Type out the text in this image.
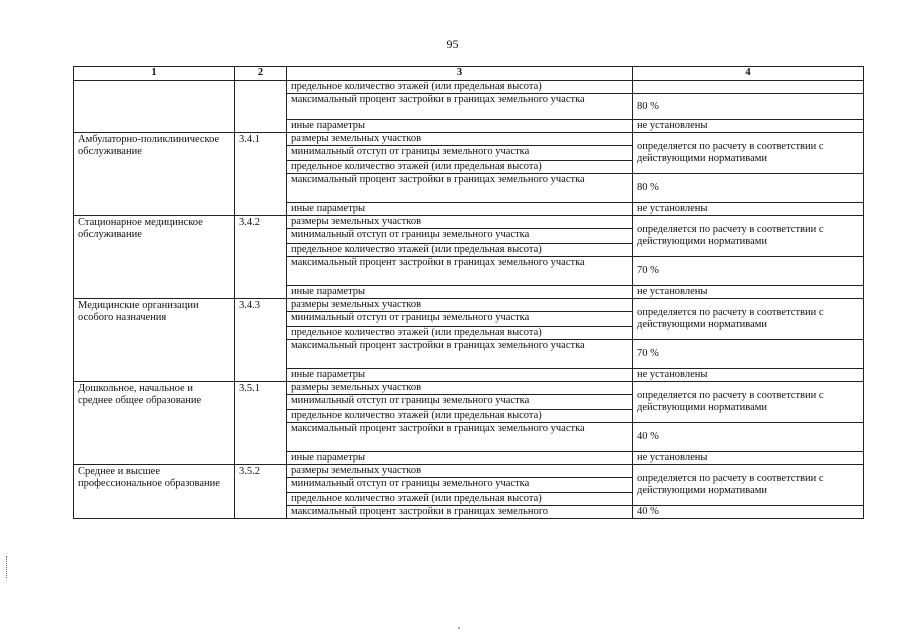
95
1	2	3	4
		предельное количество этажей (или предельная высота)	
		максимальный процент застройки в границах земельного участка	80 %
		иные параметры	не установлены
Амбулаторно-поликлиническое обслуживание	3.4.1	размеры земельных участков	определяется по расчету в соответствии с действующими нормативами
		минимальный отступ от границы земельного участка	
		предельное количество этажей (или предельная высота)	
		максимальный процент застройки в границах земельного участка	80 %
		иные параметры	не установлены
Стационарное медицинское обслуживание	3.4.2	размеры земельных участков	определяется по расчету в соответствии с действующими нормативами
		минимальный отступ от границы земельного участка	
		предельное количество этажей (или предельная высота)	
		максимальный процент застройки в границах земельного участка	70 %
		иные параметры	не установлены
Медицинские организации особого назначения	3.4.3	размеры земельных участков	определяется по расчету в соответствии с действующими нормативами
		минимальный отступ от границы земельного участка	
		предельное количество этажей (или предельная высота)	
		максимальный процент застройки в границах земельного участка	70 %
		иные параметры	не установлены
Дошкольное, начальное и среднее общее образование	3.5.1	размеры земельных участков	определяется по расчету в соответствии с действующими нормативами
		минимальный отступ от границы земельного участка	
		предельное количество этажей (или предельная высота)	
		максимальный процент застройки в границах земельного участка	40 %
		иные параметры	не установлены
Среднее и высшее профессиональное образование	3.5.2	размеры земельных участков	определяется по расчету в соответствии с действующими нормативами
		минимальный отступ от границы земельного участка	
		предельное количество этажей (или предельная высота)	
		максимальный процент застройки в границах земельного	40 %
